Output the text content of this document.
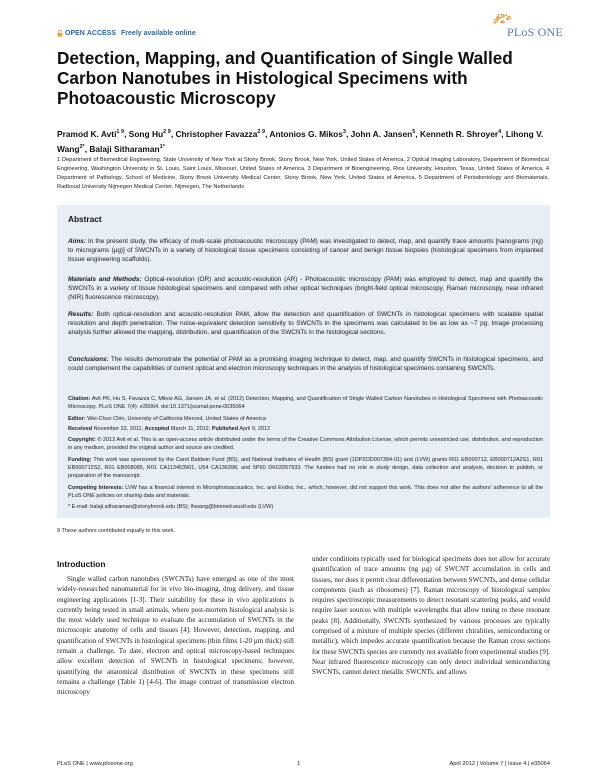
OPEN ACCESS Freely available online	PLoS ONE
Detection, Mapping, and Quantification of Single Walled Carbon Nanotubes in Histological Specimens with Photoacoustic Microscopy
Pramod K. Avti$^{1 9}$, Song $Hu^{2 9}$, Christopher Favazza$^{2 9}$, Antonios G. Mikos$^3$, John A. Jansen$^5$, Kenneth R. Shroyer$^4$, Lihong V. Wang$^{2*}$, Balaji Sitharaman$^{1*}$
1 Department of Biomedical Engineering, State University of New York at Stony Brook, Stony Brook, New York, United States of America, 2 Optical Imaging Laboratory, Department of Biomedical Engineering, Washington University in St. Louis, Saint Louis, Missouri, United States of America, 3 Department of Bioengineering, Rice University, Houston, Texas, United States of America, 4 Department of Pathology, School of Medicine, Stony Brook University Medical Center, Stony Brook, New York, United States of America, 5 Department of Periodontology and Biomaterials, Radboud University Nijmegen Medical Center, Nijmegen, The Netherlands
Abstract
Aims: In the present study, the efficacy of multi-scale photoacoustic microscopy (PAM) was investigated to detect, map, and quantify trace amounts [nanograms (ng) to micrograms (µg)] of SWCNTs in a variety of histological tissue specimens consisting of cancer and benign tissue biopsies (histological specimens from implanted tissue engineering scaffolds).
Materials and Methods: Optical-resolution (OR) and acoustic-resolution (AR) - Photoacoustic microscopy (PAM) was employed to detect, map and quantify the SWCNTs in a variety of tissue histological specimens and compared with other optical techniques (bright-field optical microscopy, Raman microscopy, near infrared (NIR) fluorescence microscopy).
Results: Both optical-resolution and acoustic-resolution PAM, allow the detection and quantification of SWCNTs in histological specimens with scalable spatial resolution and depth penetration. The noise-equivalent detection sensitivity to SWCNTs in the specimens was calculated to be as low as ~7 pg. Image processing analysis further allowed the mapping, distribution, and quantification of the SWCNTs in the histological sections.
Conclusions: The results demonstrate the potential of PAM as a promising imaging technique to detect, map, and quantify SWCNTs in histological specimens, and could complement the capabilities of current optical and electron microscopy techniques in the analysis of histological specimens containing SWCNTs.
Citation: Avti PK, Hu S, Favazza C, Mikos AG, Jansen JA, et al. (2012) Detection, Mapping, and Quantification of Single Walled Carbon Nanotubes in Histological Specimens with Photoacoustic Microscopy. PLoS ONE 7(4): e35064. doi:10.1371/journal.pone.0035064
Editor: Wei-Chun Chin, University of California Merced, United States of America
Received November 22, 2011; Accepted March 11, 2012; Published April 9, 2012
Copyright: © 2012 Avti et al. This is an open-access article distributed under the terms of the Creative Commons Attribution License, which permits unrestricted use, distribution, and reproduction in any medium, provided the original author and source are credited.
Funding: This work was sponsored by the Carol Baldwin Fund (BS), and National Institutes of Health (BS) grant (1DP2OD007394-01) and (LVW) grants R01 EB000712, EB000712A2S1, R01 EB000712S2, R01 EB008085, R01 CA113453901, U54 CA136398, and 5P60 DK02057933. The funders had no role in study design, data collection and analysis, decision to publish, or preparation of the manuscript.
Competing Interests: LVW has a financial interest in Microphotoacoustics, Inc. and Endra, Inc., which, however, did not support this work. This does not alter the authors' adherence to all the PLoS ONE policies on sharing data and materials.
* E-mail: balaji.sitharaman@stonybrook.edu (BS); lhwang@biomed.wustl.edu (LVW)
9 These authors contributed equally to this work.
Introduction
Single walled carbon nanotubes (SWCNTs) have emerged as one of the most widely-researched nanomaterial for in vivo bio-imaging, drug delivery, and tissue engineering applications [1-3]. Their suitability for these in vivo applications is currently being tested in small animals, where post-mortem histological analysis is the most widely used technique to evaluate the accumulation of SWCNTs in the microscopic anatomy of cells and tissues [4]. However, detection, mapping, and quantification of SWCNTs in histological specimens (thin films 1-20 µm thick) still remain a challenge. To date, electron and optical microscopy-based techniques allow excellent detection of SWCNTs in histological specimens; however, quantifying the anatomical distribution of SWCNTs in these specimens still remains a challenge (Table 1) [4-6]. The image contrast of transmission electron microscopy
under conditions typically used for biological specimens does not allow for accurate quantification of trace amounts (ng µg) of SWCNT accumulation in cells and tissues, nor does it permit clear differentiation between SWCNTs, and dense cellular components (such as ribosomes) [7]. Raman microscopy of histological samples requires spectroscopic measurements to detect resonant scattering peaks, and would require laser sources with multiple wavelengths that allow tuning to these resonant peaks [8]. Additionally, SWCNTs synthesized by various processes are typically comprised of a mixture of multiple species (different chiralities, semiconducting or metallic), which impedes accurate quantification because the Raman cross sections for these SWCNTs species are currently not available from experimental studies [9]. Near infrared fluorescence microscopy can only detect individual semiconducting SWCNTs, cannot detect metallic SWCNTs, and allows
PLoS ONE | www.plosone.org	1	April 2012 | Volume 7 | Issue 4 | e35064
